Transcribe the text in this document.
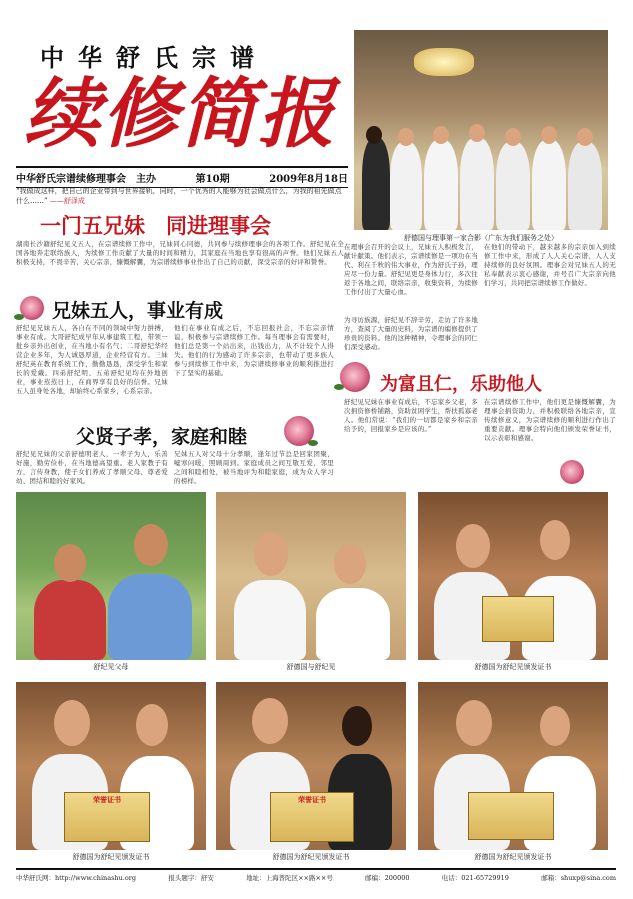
中华舒氏宗谱
续修简报
中华舒氏宗谱续修理事会　主办	第10期	2009年8月18日
“我做成这样，把自己的企业带到与世界接轨，同时，一个优秀的人能够为社会做点什么，为我的祖先做点什么……” ——舒泽成
舒德国与理事第一家合影（广东为我们服务之处）
一门五兄妹　同进理事会
湖南长沙籍舒纪见义五人，在宗谱续修工作中，兄妹同心同德，共同参与续修理事会的各项工作。舒纪见在全国各地奔走联络族人，为续修工作贡献了大量的时间和精力，其家庭在当地也享有很高的声誉。他们兄妹五人积极支持，不畏辛苦，关心宗亲，慷慨解囊，为宗谱续修事业作出了自己的贡献，深受宗亲的好评和赞誉。
在理事会召开的会议上，兄妹五人积极发言，献计献策。他们表示，宗谱续修是一项功在当代、利在千秋的伟大事业，作为舒氏子孙，理应尽一份力量。舒纪见更是身体力行，多次往返于各地之间，联络宗亲，收集资料，为续修工作付出了大量心血。
为寻访族源，舒纪见不辞辛劳，走访了许多地方，查阅了大量的史料，为宗谱的编修提供了珍贵的资料。他的这种精神，令理事会的同仁们深受感动。
在他们的带动下，越来越多的宗亲加入到续修工作中来，形成了人人关心宗谱、人人支持续修的良好氛围。理事会对兄妹五人的无私奉献表示衷心感谢，并号召广大宗亲向他们学习，共同把宗谱续修工作做好。
兄妹五人，事业有成
舒纪见兄妹五人，各自在不同的领域中努力拼搏，事业有成。大哥舒纪成早年从事建筑工程，带领一批乡亲外出创业，在当地小有名气；二哥舒纪华经营企业多年，为人诚恳厚道，企业经营有方。三妹舒纪英在教育系统工作，勤勤恳恳，深受学生和家长的爱戴。四弟舒纪明、五弟舒纪见均在外地创业，事业蒸蒸日上，在商界享有良好的信誉。兄妹五人虽身处各地，却始终心系家乡，心系宗亲。
他们在事业有成之后，不忘回报社会，不忘宗亲情谊，积极参与宗谱续修工作。每当理事会有需要时，他们总是第一个站出来，出钱出力，从不计较个人得失。他们的行为感动了许多宗亲，也带动了更多族人参与到续修工作中来，为宗谱续修事业的顺利推进打下了坚实的基础。
父贤子孝，家庭和睦
舒纪见兄妹的父亲舒德明老人，一辈子为人，乐善好施，勤劳俭朴，在当地德高望重。老人家教子有方，言传身教，使子女们养成了孝顺父母、尊老爱幼、团结和睦的好家风。
兄妹五人对父母十分孝顺，逢年过节总是回家团聚，嘘寒问暖，照顾周到。家庭成员之间互敬互爱，邻里之间和睦相处，被当地评为和睦家庭，成为众人学习的榜样。
为富且仁，乐助他人
舒纪见兄妹在事业有成后，不忘家乡父老，多次捐资修桥铺路，资助贫困学生，帮扶孤寡老人。他们常说：“我们的一切都是家乡和宗亲给予的，回报家乡是应该的。”
在宗谱续修工作中，他们更是慷慨解囊，为理事会捐资助力，并积极联络各地宗亲，宣传续修意义，为宗谱续修的顺利进行作出了重要贡献。理事会特向他们颁发荣誉证书，以示表彰和感谢。
舒纪见父母	舒德国与舒纪见	舒德国为舒纪见颁发证书
荣誉证书
舒德国为舒纪见颁发证书
荣誉证书
舒德国为舒纪见颁发证书	舒德国为舒纪见颁发证书
中华舒氏网：http://www.chinashu.org	报头题字：舒安	地址：上海普陀区××路××号	邮编：200000	电话：021-65729919	邮箱：shuxp@sina.com
